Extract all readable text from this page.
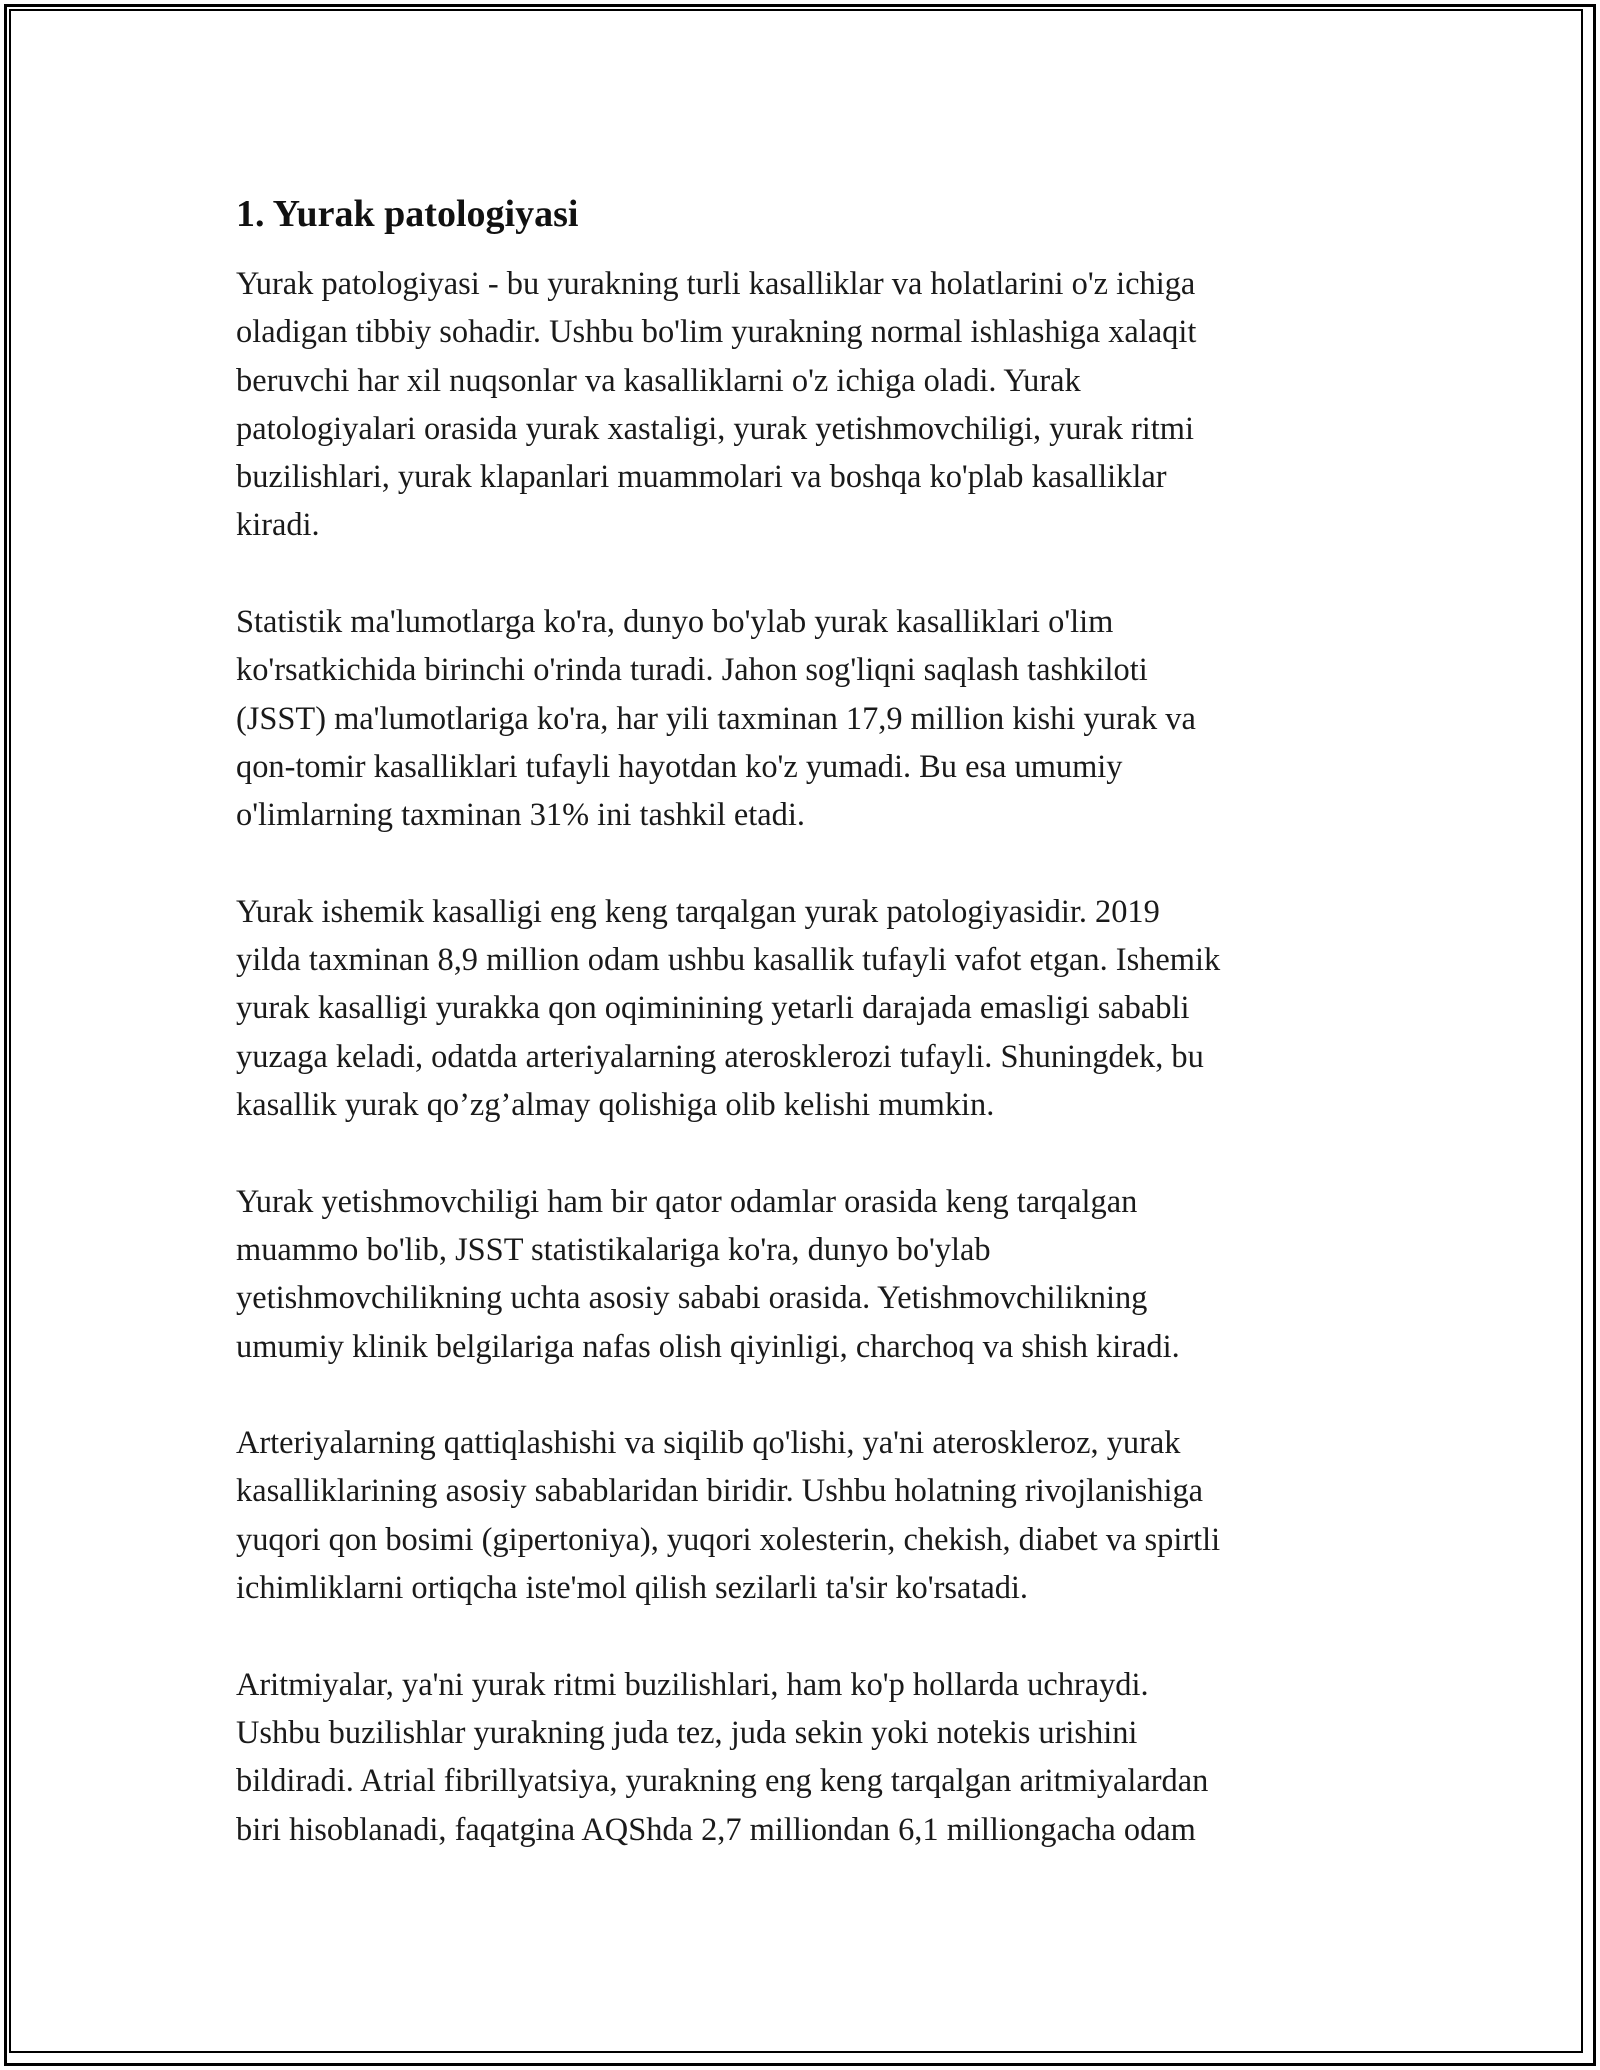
1. Yurak patologiyasi

Yurak patologiyasi - bu yurakning turli kasalliklar va holatlarini o'z ichiga
oladigan tibbiy sohadir. Ushbu bo'lim yurakning normal ishlashiga xalaqit
beruvchi har xil nuqsonlar va kasalliklarni o'z ichiga oladi. Yurak
patologiyalari orasida yurak xastaligi, yurak yetishmovchiligi, yurak ritmi
buzilishlari, yurak klapanlari muammolari va boshqa ko'plab kasalliklar
kiradi.

Statistik ma'lumotlarga ko'ra, dunyo bo'ylab yurak kasalliklari o'lim
ko'rsatkichida birinchi o'rinda turadi. Jahon sog'liqni saqlash tashkiloti
(JSST) ma'lumotlariga ko'ra, har yili taxminan 17,9 million kishi yurak va
qon-tomir kasalliklari tufayli hayotdan ko'z yumadi. Bu esa umumiy
o'limlarning taxminan 31% ini tashkil etadi.

Yurak ishemik kasalligi eng keng tarqalgan yurak patologiyasidir. 2019
yilda taxminan 8,9 million odam ushbu kasallik tufayli vafot etgan. Ishemik
yurak kasalligi yurakka qon oqiminining yetarli darajada emasligi sababli
yuzaga keladi, odatda arteriyalarning aterosklerozi tufayli. Shuningdek, bu
kasallik yurak qo’zg’almay qolishiga olib kelishi mumkin.

Yurak yetishmovchiligi ham bir qator odamlar orasida keng tarqalgan
muammo bo'lib, JSST statistikalariga ko'ra, dunyo bo'ylab
yetishmovchilikning uchta asosiy sababi orasida. Yetishmovchilikning
umumiy klinik belgilariga nafas olish qiyinligi, charchoq va shish kiradi.

Arteriyalarning qattiqlashishi va siqilib qo'lishi, ya'ni ateroskleroz, yurak
kasalliklarining asosiy sabablaridan biridir. Ushbu holatning rivojlanishiga
yuqori qon bosimi (gipertoniya), yuqori xolesterin, chekish, diabet va spirtli
ichimliklarni ortiqcha iste'mol qilish sezilarli ta'sir ko'rsatadi.

Aritmiyalar, ya'ni yurak ritmi buzilishlari, ham ko'p hollarda uchraydi.
Ushbu buzilishlar yurakning juda tez, juda sekin yoki notekis urishini
bildiradi. Atrial fibrillyatsiya, yurakning eng keng tarqalgan aritmiyalardan
biri hisoblanadi, faqatgina AQShda 2,7 milliondan 6,1 milliongacha odam
